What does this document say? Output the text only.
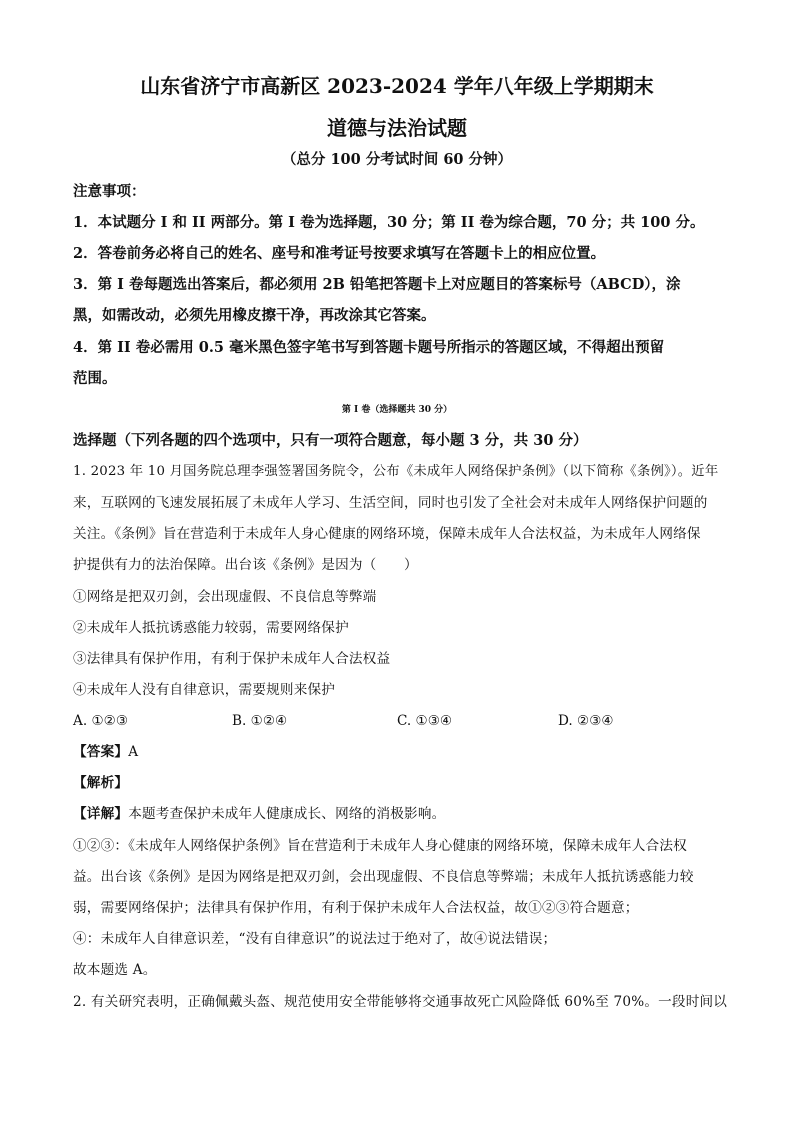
山东省济宁市高新区 2023-2024 学年八年级上学期期末
道德与法治试题
（总分 100 分考试时间 60 分钟）
注意事项：
1．本试题分 I 和 II 两部分。第 I 卷为选择题，30 分；第 II 卷为综合题，70 分；共 100 分。
2．答卷前务必将自己的姓名、座号和准考证号按要求填写在答题卡上的相应位置。
3．第 I 卷每题选出答案后，都必须用 2B 铅笔把答题卡上对应题目的答案标号（ABCD），涂
黑，如需改动，必须先用橡皮擦干净，再改涂其它答案。
4．第 II 卷必需用 0.5 毫米黑色签字笔书写到答题卡题号所指示的答题区域，不得超出预留
范围。
第 I 卷（选择题共 30 分）
选择题（下列各题的四个选项中，只有一项符合题意，每小题 3 分，共 30 分）
1. 2023 年 10 月国务院总理李强签署国务院令，公布《未成年人网络保护条例》（以下简称《条例》）。近年
来，互联网的飞速发展拓展了未成年人学习、生活空间，同时也引发了全社会对未成年人网络保护问题的
关注。《条例》旨在营造利于未成年人身心健康的网络环境，保障未成年人合法权益，为未成年人网络保
护提供有力的法治保障。出台该《条例》是因为（　　）
①网络是把双刃剑，会出现虚假、不良信息等弊端
②未成年人抵抗诱惑能力较弱，需要网络保护
③法律具有保护作用，有利于保护未成年人合法权益
④未成年人没有自律意识，需要规则来保护
A. ①②③	B. ①②④	C. ①③④	D. ②③④
【答案】A
【解析】
【详解】本题考查保护未成年人健康成长、网络的消极影响。
①②③：《未成年人网络保护条例》旨在营造利于未成年人身心健康的网络环境，保障未成年人合法权
益。出台该《条例》是因为网络是把双刃剑，会出现虚假、不良信息等弊端；未成年人抵抗诱惑能力较
弱，需要网络保护；法律具有保护作用，有利于保护未成年人合法权益，故①②③符合题意；
④：未成年人自律意识差，“没有自律意识”的说法过于绝对了，故④说法错误；
故本题选 A。
2. 有关研究表明，正确佩戴头盔、规范使用安全带能够将交通事故死亡风险降低 60%至 70%。一段时间以
